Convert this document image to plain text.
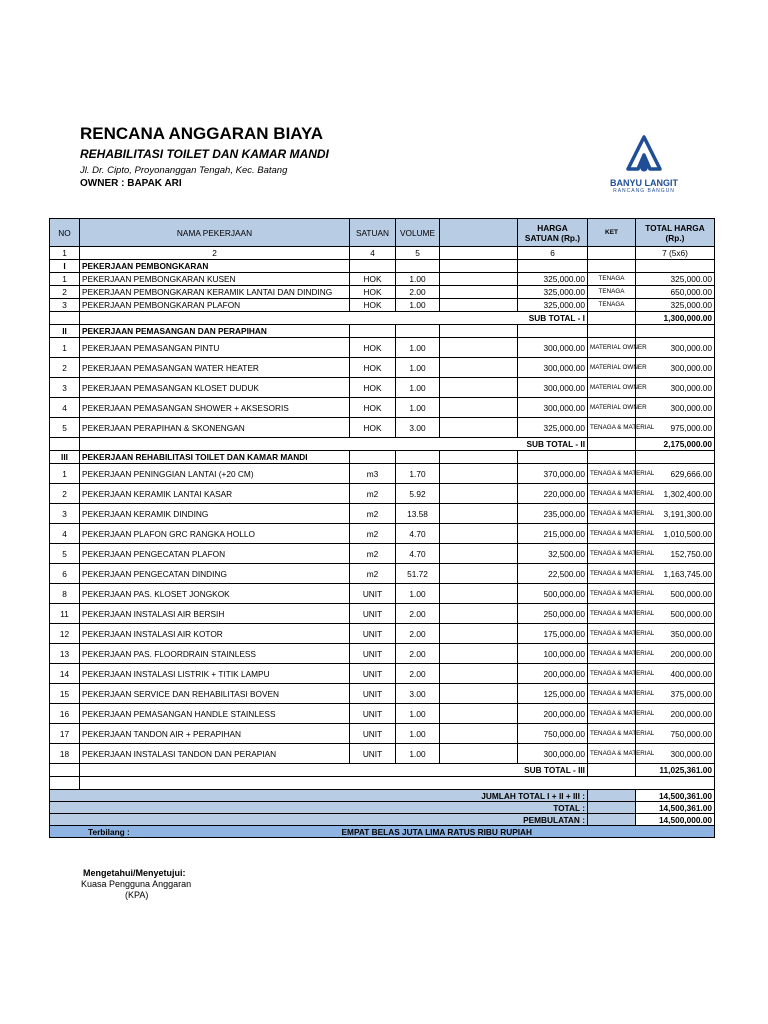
RENCANA ANGGARAN BIAYA
REHABILITASI TOILET DAN KAMAR MANDI
Jl. Dr. Cipto, Proyonanggan Tengah, Kec. Batang
OWNER : BAPAK ARI	BANYU LANGIT
RANCANG BANGUN
NO	NAMA PEKERJAAN	SATUAN	VOLUME		HARGA SATUAN (Rp.)	KET	TOTAL HARGA (Rp.)
1	2	4	5		6		7 (5x6)
I	PEKERJAAN PEMBONGKARAN						
1	PEKERJAAN PEMBONGKARAN KUSEN	HOK	1.00		325,000.00	TENAGA	325,000.00
2	PEKERJAAN PEMBONGKARAN KERAMIK LANTAI DAN DINDING	HOK	2.00		325,000.00	TENAGA	650,000.00
3	PEKERJAAN PEMBONGKARAN PLAFON	HOK	1.00		325,000.00	TENAGA	325,000.00
	SUB TOTAL - I						1,300,000.00
II	PEKERJAAN PEMASANGAN DAN PERAPIHAN						
1	PEKERJAAN PEMASANGAN PINTU	HOK	1.00		300,000.00	MATERIAL OWNER	300,000.00
2	PEKERJAAN PEMASANGAN WATER HEATER	HOK	1.00		300,000.00	MATERIAL OWNER	300,000.00
3	PEKERJAAN PEMASANGAN KLOSET DUDUK	HOK	1.00		300,000.00	MATERIAL OWNER	300,000.00
4	PEKERJAAN PEMASANGAN SHOWER + AKSESORIS	HOK	1.00		300,000.00	MATERIAL OWNER	300,000.00
5	PEKERJAAN PERAPIHAN & SKONENGAN	HOK	3.00		325,000.00	TENAGA & MATERIAL	975,000.00
	SUB TOTAL - II						2,175,000.00
III	PEKERJAAN REHABILITASI TOILET DAN KAMAR MANDI						
1	PEKERJAAN PENINGGIAN LANTAI (+20 CM)	m3	1.70		370,000.00	TENAGA & MATERIAL	629,666.00
2	PEKERJAAN KERAMIK LANTAI KASAR	m2	5.92		220,000.00	TENAGA & MATERIAL	1,302,400.00
3	PEKERJAAN KERAMIK DINDING	m2	13.58		235,000.00	TENAGA & MATERIAL	3,191,300.00
4	PEKERJAAN PLAFON GRC RANGKA HOLLO	m2	4.70		215,000.00	TENAGA & MATERIAL	1,010,500.00
5	PEKERJAAN PENGECATAN PLAFON	m2	4.70		32,500.00	TENAGA & MATERIAL	152,750.00
6	PEKERJAAN PENGECATAN DINDING	m2	51.72		22,500.00	TENAGA & MATERIAL	1,163,745.00
8	PEKERJAAN PAS. KLOSET JONGKOK	UNIT	1.00		500,000.00	TENAGA & MATERIAL	500,000.00
11	PEKERJAAN INSTALASI AIR BERSIH	UNIT	2.00		250,000.00	TENAGA & MATERIAL	500,000.00
12	PEKERJAAN INSTALASI AIR KOTOR	UNIT	2.00		175,000.00	TENAGA & MATERIAL	350,000.00
13	PEKERJAAN PAS. FLOORDRAIN STAINLESS	UNIT	2.00		100,000.00	TENAGA & MATERIAL	200,000.00
14	PEKERJAAN INSTALASI LISTRIK + TITIK LAMPU	UNIT	2.00		200,000.00	TENAGA & MATERIAL	400,000.00
15	PEKERJAAN SERVICE DAN REHABILITASI BOVEN	UNIT	3.00		125,000.00	TENAGA & MATERIAL	375,000.00
16	PEKERJAAN PEMASANGAN HANDLE STAINLESS	UNIT	1.00		200,000.00	TENAGA & MATERIAL	200,000.00
17	PEKERJAAN TANDON AIR + PERAPIHAN	UNIT	1.00		750,000.00	TENAGA & MATERIAL	750,000.00
18	PEKERJAAN INSTALASI TANDON DAN PERAPIAN	UNIT	1.00		300,000.00	TENAGA & MATERIAL	300,000.00
	SUB TOTAL - III						11,025,361.00

JUMLAH TOTAL I + II + III :							14,500,361.00
TOTAL :							14,500,361.00
PEMBULATAN :							14,500,000.00
Terbilang :		EMPAT BELAS JUTA LIMA RATUS RIBU RUPIAH					
Mengetahui/Menyetujui:
Kuasa Pengguna Anggaran
(KPA)
